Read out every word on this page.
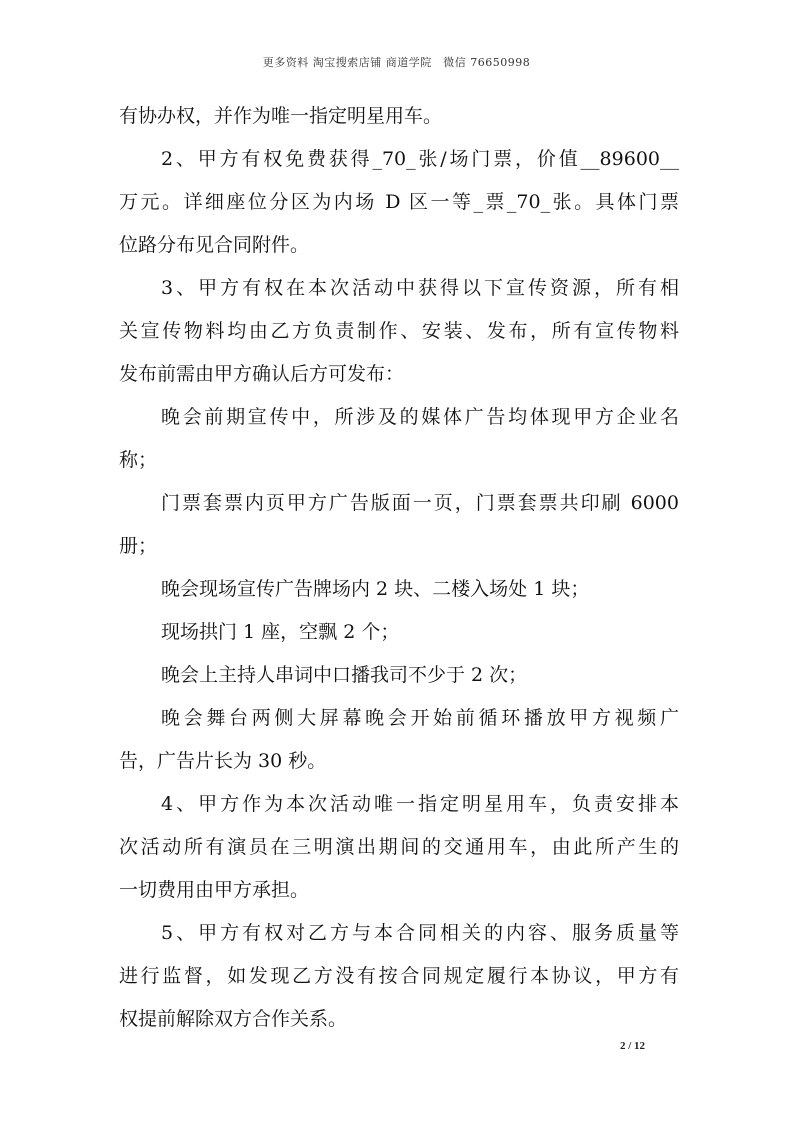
更多资料 淘宝搜索店铺 商道学院　微信 76650998
有协办权，并作为唯一指定明星用车。
2、甲方有权免费获得_70_张/场门票，价值__89600__
万元。详细座位分区为内场 D 区一等_票_70_张。具体门票
位路分布见合同附件。
3、甲方有权在本次活动中获得以下宣传资源，所有相
关宣传物料均由乙方负责制作、安装、发布，所有宣传物料
发布前需由甲方确认后方可发布：
晚会前期宣传中，所涉及的媒体广告均体现甲方企业名
称；
门票套票内页甲方广告版面一页，门票套票共印刷 6000
册；
晚会现场宣传广告牌场内 2 块、二楼入场处 1 块；
现场拱门 1 座，空飘 2 个；
晚会上主持人串词中口播我司不少于 2 次；
晚会舞台两侧大屏幕晚会开始前循环播放甲方视频广
告，广告片长为 30 秒。
4、甲方作为本次活动唯一指定明星用车，负责安排本
次活动所有演员在三明演出期间的交通用车，由此所产生的
一切费用由甲方承担。
5、甲方有权对乙方与本合同相关的内容、服务质量等
进行监督，如发现乙方没有按合同规定履行本协议，甲方有
权提前解除双方合作关系。
2 / 12
